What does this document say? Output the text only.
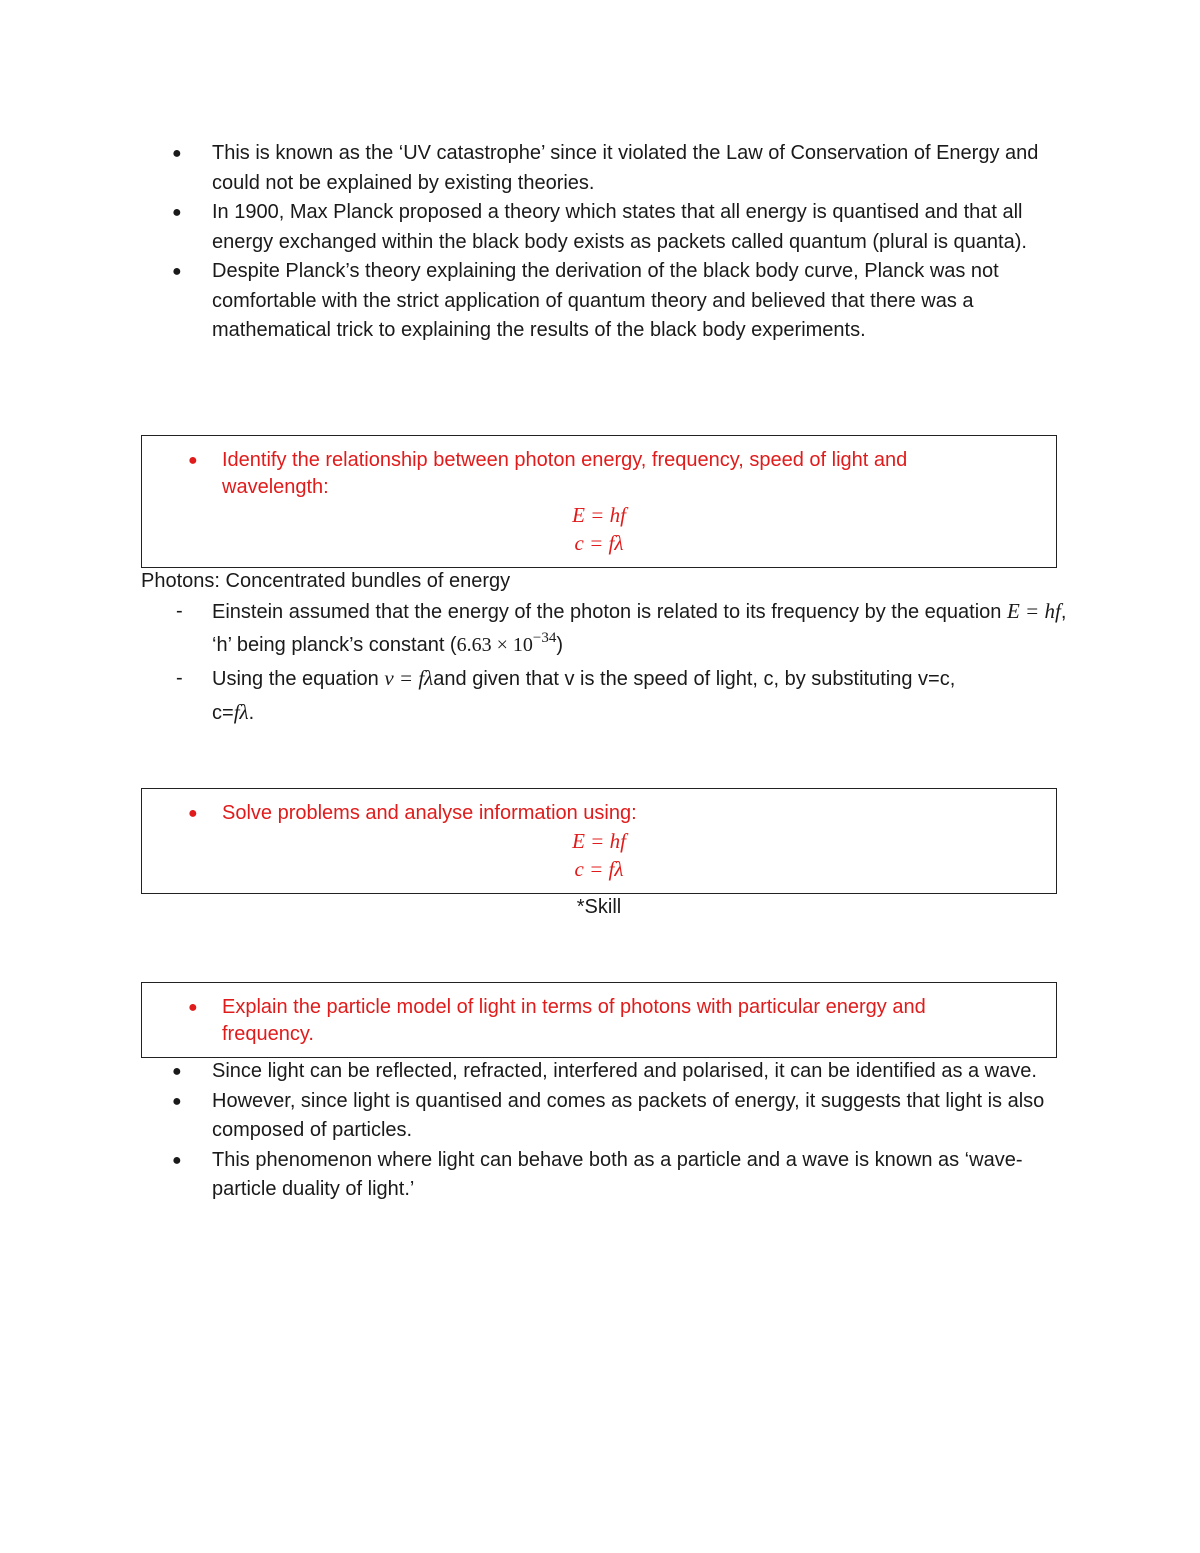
● This is known as the ‘UV catastrophe’ since it violated the Law of Conservation of Energy and could not be explained by existing theories.
● In 1900, Max Planck proposed a theory which states that all energy is quantised and that all energy exchanged within the black body exists as packets called quantum (plural is quanta).
● Despite Planck’s theory explaining the derivation of the black body curve, Planck was not comfortable with the strict application of quantum theory and believed that there was a mathematical trick to explaining the results of the black body experiments.
● Identify the relationship between photon energy, frequency, speed of light and wavelength:
E = hf
c = fλ
Photons: Concentrated bundles of energy
- Einstein assumed that the energy of the photon is related to its frequency by the equation E = hf, ‘h’ being planck’s constant $(6.63 \times 10^{-34})$
- Using the equation v = fλand given that v is the speed of light, c, by substituting v=c,
c=fλ.
● Solve problems and analyse information using:
E = hf
c = fλ
*Skill
● Explain the particle model of light in terms of photons with particular energy and frequency.
● Since light can be reflected, refracted, interfered and polarised, it can be identified as a wave.
● However, since light is quantised and comes as packets of energy, it suggests that light is also composed of particles.
● This phenomenon where light can behave both as a particle and a wave is known as ‘wave-particle duality of light.’
